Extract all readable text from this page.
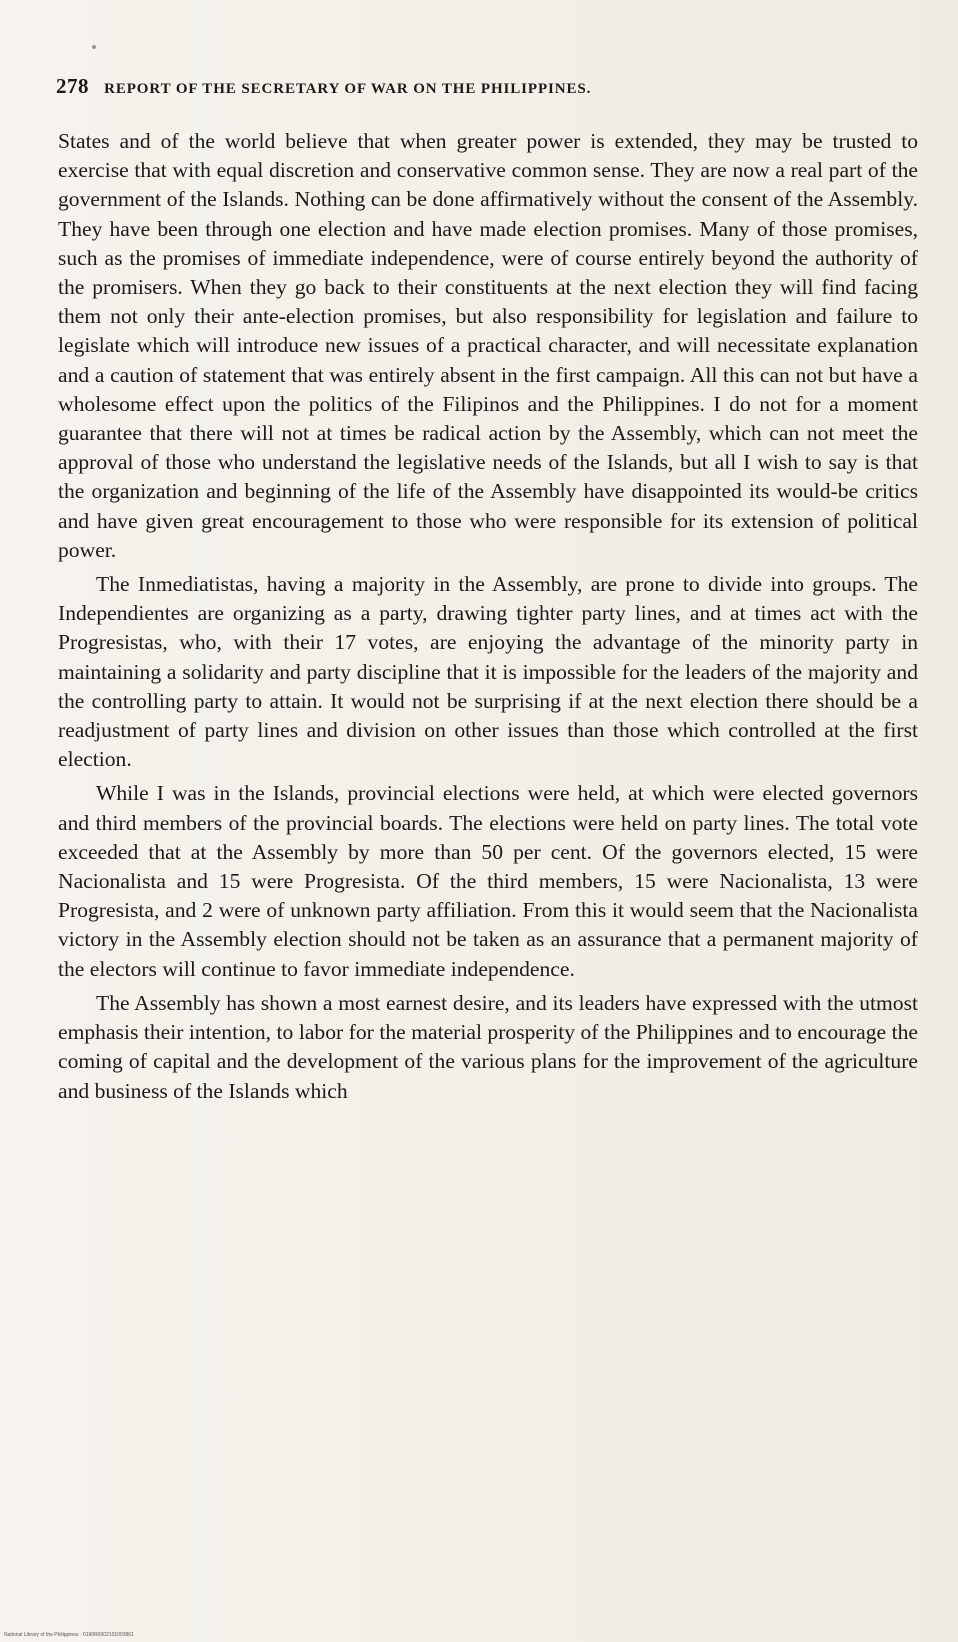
278 REPORT OF THE SECRETARY OF WAR ON THE PHILIPPINES.

States and of the world believe that when greater power is extended, they may be trusted to exercise that with equal discretion and conservative common sense. They are now a real part of the government of the Islands. Nothing can be done affirmatively without the consent of the Assembly. They have been through one election and have made election promises. Many of those promises, such as the promises of immediate independence, were of course entirely beyond the authority of the promisers. When they go back to their constituents at the next election they will find facing them not only their ante-election promises, but also responsibility for legislation and failure to legislate which will introduce new issues of a practical character, and will necessitate explanation and a caution of statement that was entirely absent in the first campaign. All this can not but have a wholesome effect upon the politics of the Filipinos and the Philippines. I do not for a moment guarantee that there will not at times be radical action by the Assembly, which can not meet the approval of those who understand the legislative needs of the Islands, but all I wish to say is that the organization and beginning of the life of the Assembly have disappointed its would-be critics and have given great encouragement to those who were responsible for its extension of political power.

The Inmediatistas, having a majority in the Assembly, are prone to divide into groups. The Independientes are organizing as a party, drawing tighter party lines, and at times act with the Progresistas, who, with their 17 votes, are enjoying the advantage of the minority party in maintaining a solidarity and party discipline that it is impossible for the leaders of the majority and the controlling party to attain. It would not be surprising if at the next election there should be a readjustment of party lines and division on other issues than those which controlled at the first election.

While I was in the Islands, provincial elections were held, at which were elected governors and third members of the provincial boards. The elections were held on party lines. The total vote exceeded that at the Assembly by more than 50 per cent. Of the governors elected, 15 were Nacionalista and 15 were Progresista. Of the third members, 15 were Nacionalista, 13 were Progresista, and 2 were of unknown party affiliation. From this it would seem that the Nacionalista victory in the Assembly election should not be taken as an assurance that a permanent majority of the electors will continue to favor immediate independence.

The Assembly has shown a most earnest desire, and its leaders have expressed with the utmost emphasis their intention, to labor for the material prosperity of the Philippines and to encourage the coming of capital and the development of the various plans for the improvement of the agriculture and business of the Islands which

National Library of the Philippines · 0190R0002101003861
